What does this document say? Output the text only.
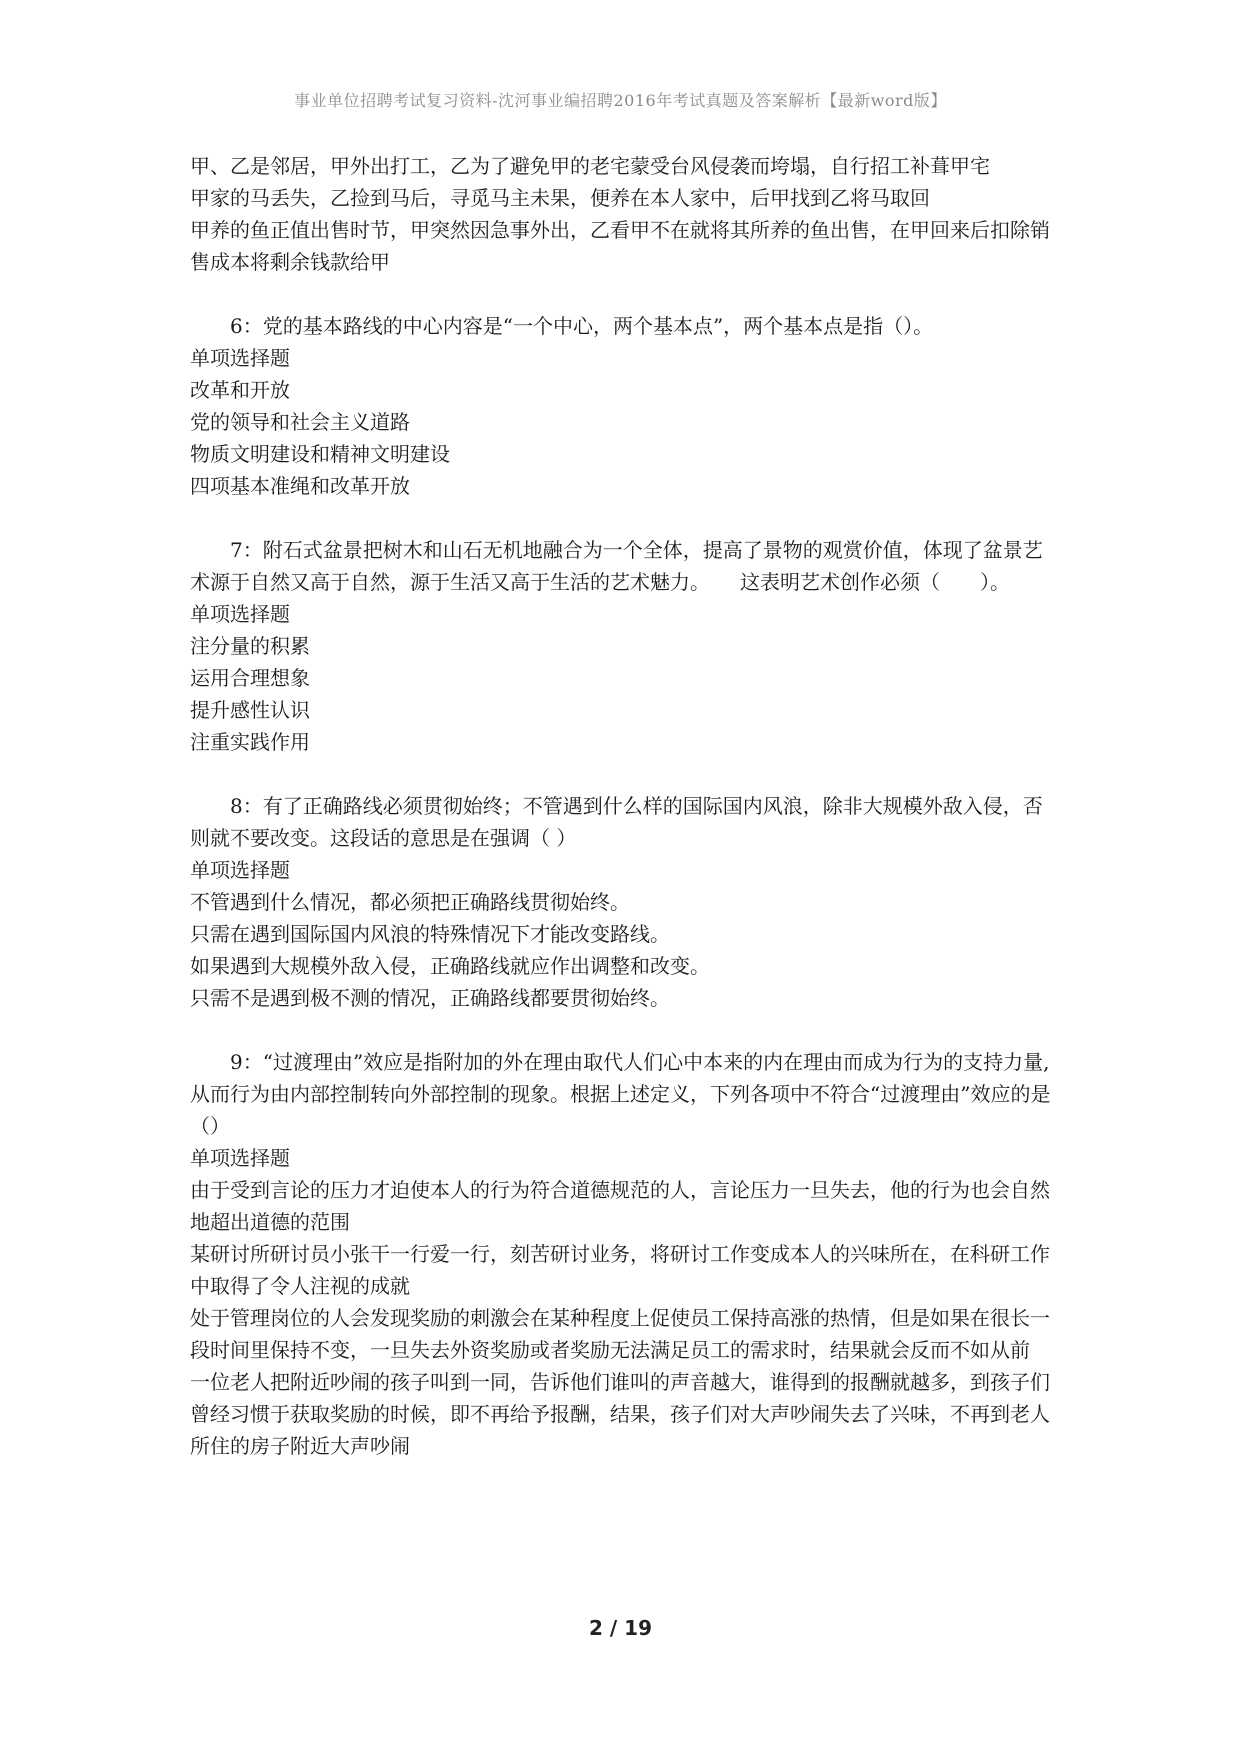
事业单位招聘考试复习资料-沈河事业编招聘2016年考试真题及答案解析【最新word版】

甲、乙是邻居，甲外出打工，乙为了避免甲的老宅蒙受台风侵袭而垮塌，自行招工补葺甲宅

甲家的马丢失，乙捡到马后，寻觅马主未果，便养在本人家中，后甲找到乙将马取回

甲养的鱼正值出售时节，甲突然因急事外出，乙看甲不在就将其所养的鱼出售，在甲回来后扣除销售成本将剩余钱款给甲

6：党的基本路线的中心内容是“一个中心，两个基本点”，两个基本点是指（）。

单项选择题

改革和开放

党的领导和社会主义道路

物质文明建设和精神文明建设

四项基本准绳和改革开放

7：附石式盆景把树木和山石无机地融合为一个全体，提高了景物的观赏价值，体现了盆景艺术源于自然又高于自然，源于生活又高于生活的艺术魅力。　　这表明艺术创作必须（　　）。

单项选择题

注分量的积累

运用合理想象

提升感性认识

注重实践作用

8：有了正确路线必须贯彻始终；不管遇到什么样的国际国内风浪，除非大规模外敌入侵，否则就不要改变。这段话的意思是在强调（ ）

单项选择题

不管遇到什么情况，都必须把正确路线贯彻始终。

只需在遇到国际国内风浪的特殊情况下才能改变路线。

如果遇到大规模外敌入侵，正确路线就应作出调整和改变。

只需不是遇到极不测的情况，正确路线都要贯彻始终。

9：“过渡理由”效应是指附加的外在理由取代人们心中本来的内在理由而成为行为的支持力量,从而行为由内部控制转向外部控制的现象。根据上述定义，下列各项中不符合“过渡理由”效应的是（）

单项选择题

由于受到言论的压力才迫使本人的行为符合道德规范的人，言论压力一旦失去，他的行为也会自然地超出道德的范围

某研讨所研讨员小张干一行爱一行，刻苦研讨业务，将研讨工作变成本人的兴味所在，在科研工作中取得了令人注视的成就

处于管理岗位的人会发现奖励的刺激会在某种程度上促使员工保持高涨的热情，但是如果在很长一段时间里保持不变，一旦失去外资奖励或者奖励无法满足员工的需求时，结果就会反而不如从前

一位老人把附近吵闹的孩子叫到一同，告诉他们谁叫的声音越大，谁得到的报酬就越多，到孩子们曾经习惯于获取奖励的时候，即不再给予报酬，结果，孩子们对大声吵闹失去了兴味，不再到老人所住的房子附近大声吵闹

2 / 19
